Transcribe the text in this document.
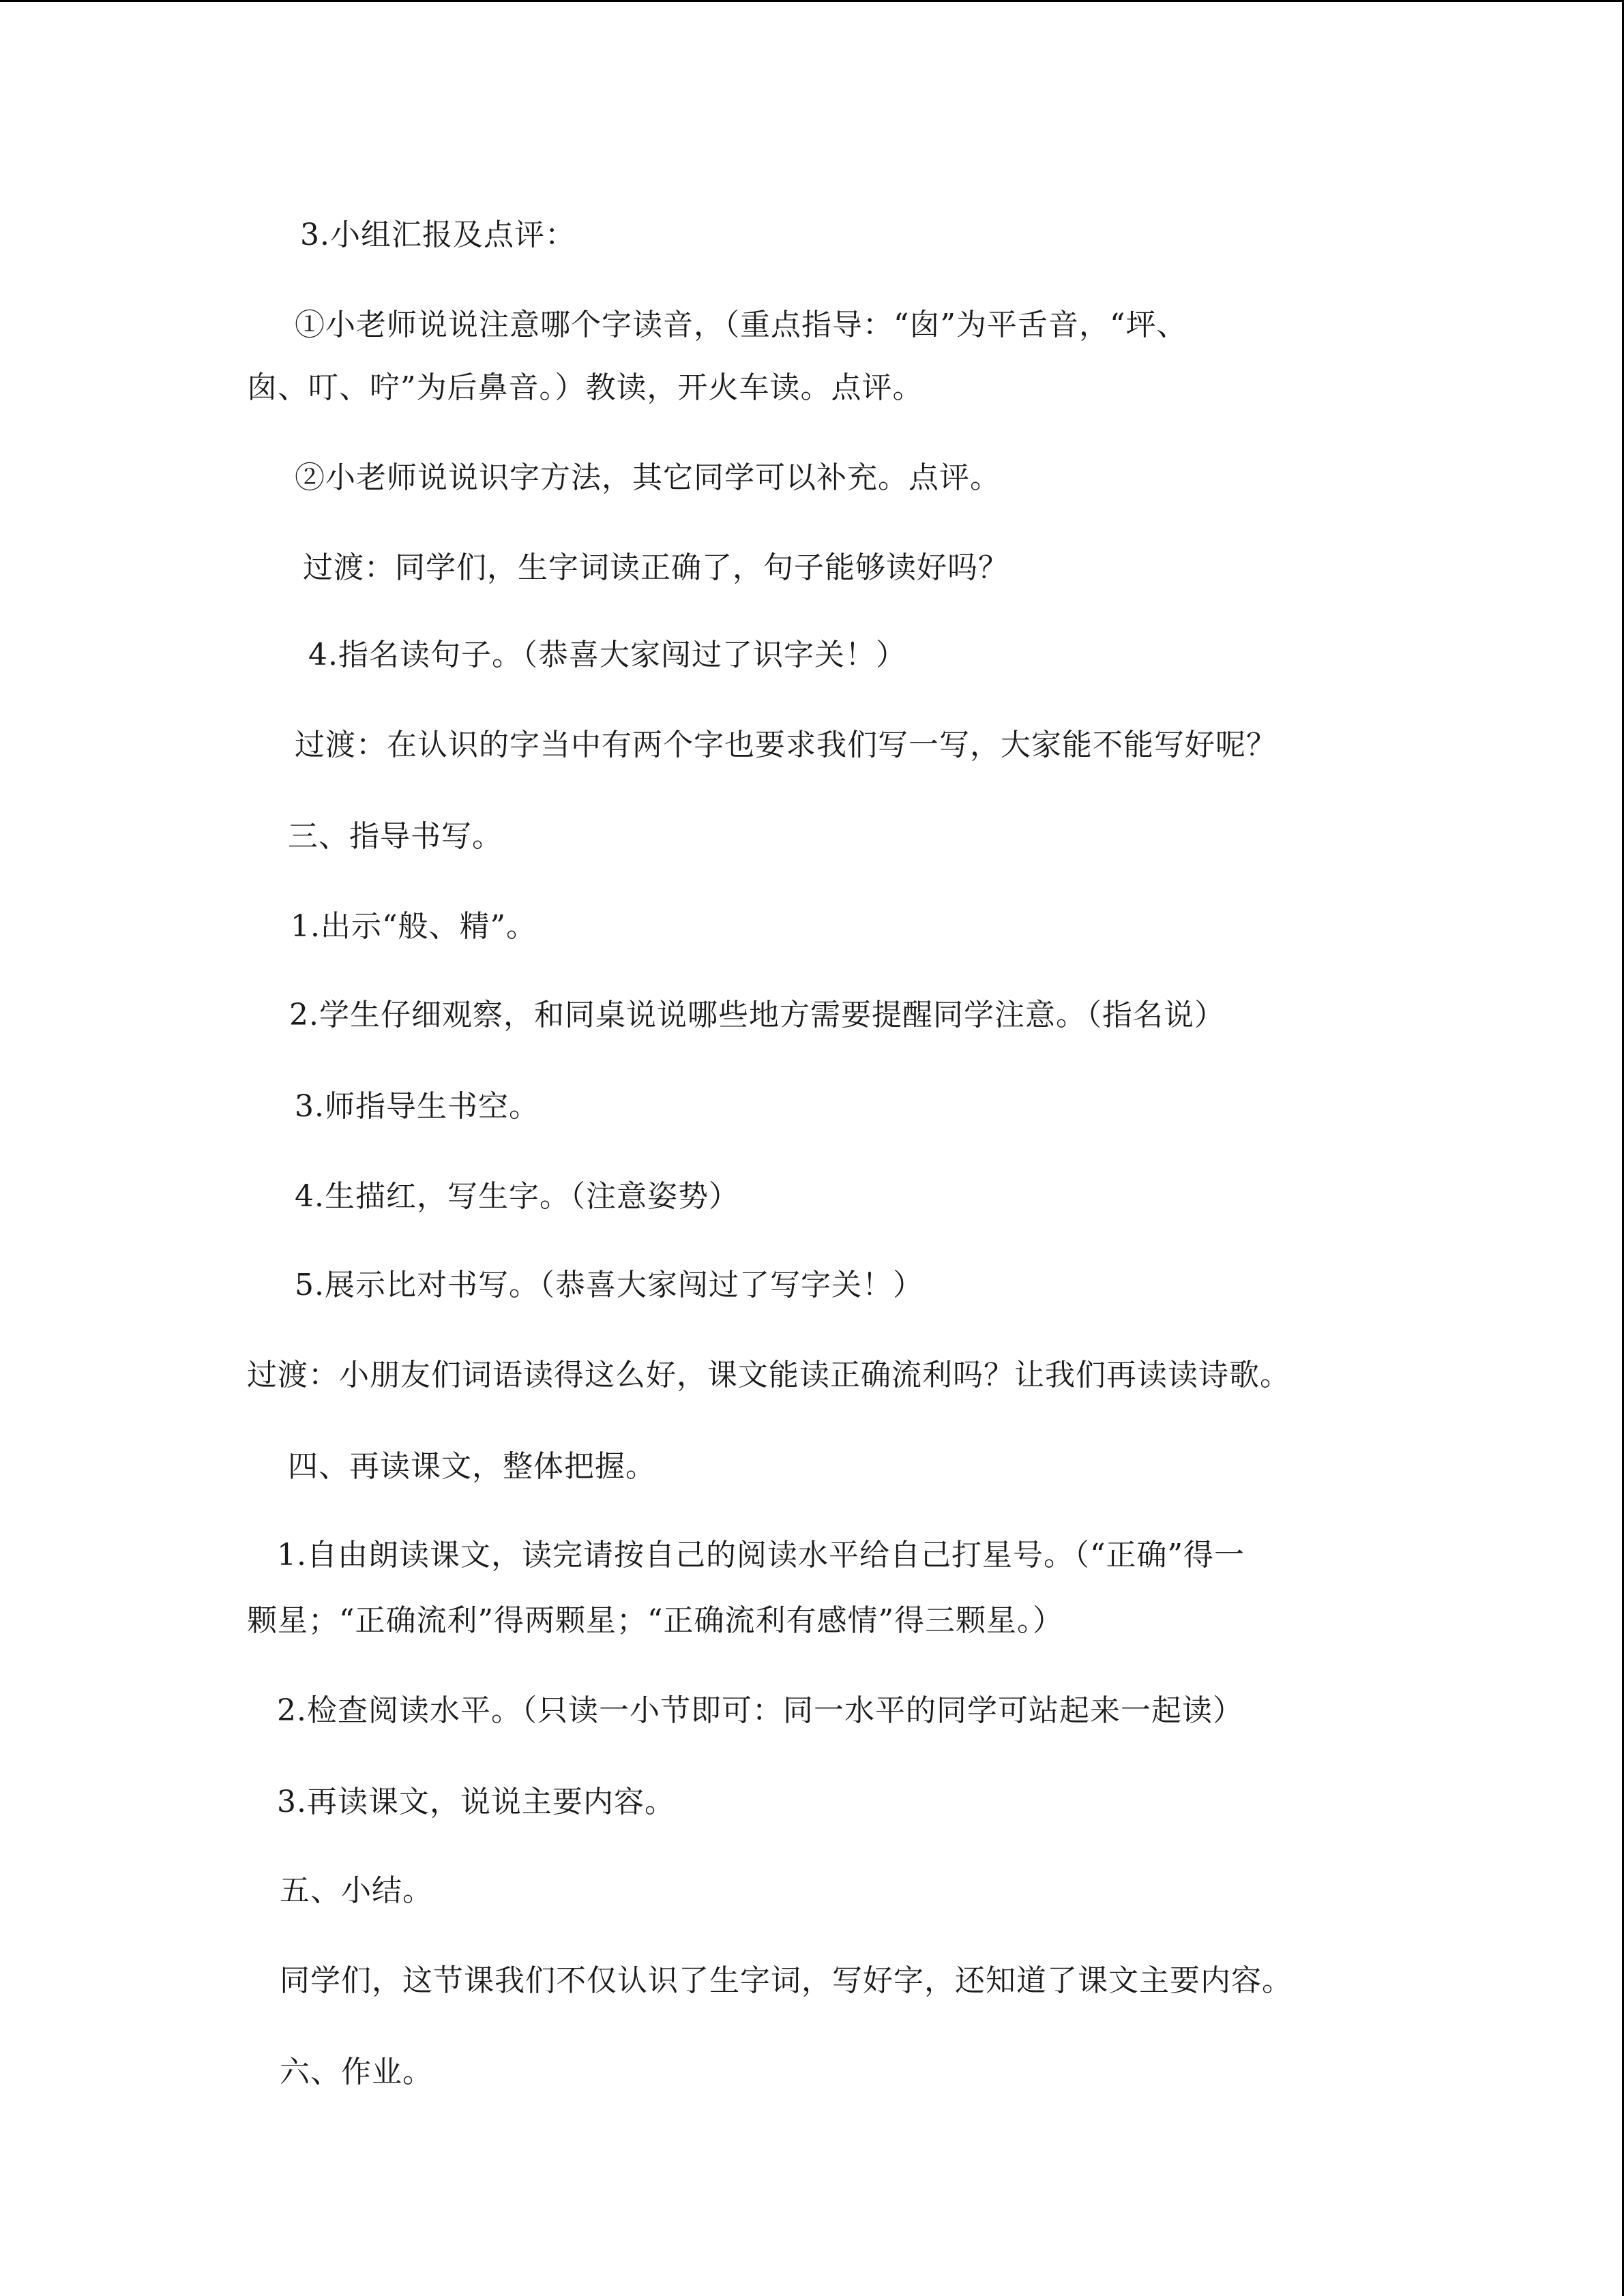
3.小组汇报及点评：

①小老师说说注意哪个字读音，（重点指导：“囱”为平舌音，“坪、

囱、叮、咛”为后鼻音。）教读，开火车读。点评。

②小老师说说识字方法，其它同学可以补充。点评。

过渡：同学们，生字词读正确了，句子能够读好吗？

4.指名读句子。（恭喜大家闯过了识字关！）

过渡：在认识的字当中有两个字也要求我们写一写，大家能不能写好呢？

三、指导书写。

1.出示“般、精”。

2.学生仔细观察，和同桌说说哪些地方需要提醒同学注意。（指名说）

3.师指导生书空。

4.生描红，写生字。（注意姿势）

5.展示比对书写。（恭喜大家闯过了写字关！）

过渡：小朋友们词语读得这么好，课文能读正确流利吗？让我们再读读诗歌。

四、再读课文，整体把握。

1.自由朗读课文，读完请按自己的阅读水平给自己打星号。（“正确”得一

颗星；“正确流利”得两颗星；“正确流利有感情”得三颗星。）

2.检查阅读水平。（只读一小节即可：同一水平的同学可站起来一起读）

3.再读课文，说说主要内容。

五、小结。

同学们，这节课我们不仅认识了生字词，写好字，还知道了课文主要内容。

六、作业。
